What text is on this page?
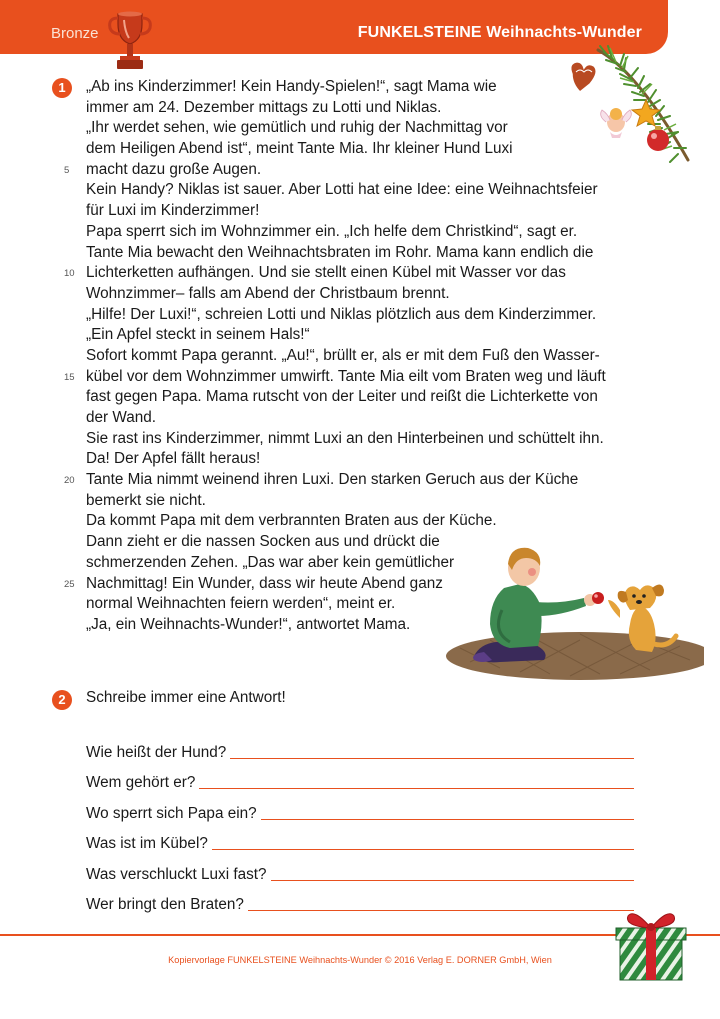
Bronze	FUNKELSTEINE Weihnachts-Wunder
1	„Ab ins Kinderzimmer! Kein Handy-Spielen!“, sagt Mama wie
immer am 24. Dezember mittags zu Lotti und Niklas.
„Ihr werdet sehen, wie gemütlich und ruhig der Nachmittag vor
dem Heiligen Abend ist“, meint Tante Mia. Ihr kleiner Hund Luxi
5 macht dazu große Augen.
Kein Handy? Niklas ist sauer. Aber Lotti hat eine Idee: eine Weihnachtsfeier
für Luxi im Kinderzimmer!
Papa sperrt sich im Wohnzimmer ein. „Ich helfe dem Christkind“, sagt er.
Tante Mia bewacht den Weihnachtsbraten im Rohr. Mama kann endlich die
10 Lichterketten aufhängen. Und sie stellt einen Kübel mit Wasser vor das
Wohnzimmer– falls am Abend der Christbaum brennt.
„Hilfe! Der Luxi!“, schreien Lotti und Niklas plötzlich aus dem Kinderzimmer.
„Ein Apfel steckt in seinem Hals!“
Sofort kommt Papa gerannt. „Au!“, brüllt er, als er mit dem Fuß den Wasser-
15 kübel vor dem Wohnzimmer umwirft. Tante Mia eilt vom Braten weg und läuft
fast gegen Papa. Mama rutscht von der Leiter und reißt die Lichterkette von
der Wand.
Sie rast ins Kinderzimmer, nimmt Luxi an den Hinterbeinen und schüttelt ihn.
Da! Der Apfel fällt heraus!
20 Tante Mia nimmt weinend ihren Luxi. Den starken Geruch aus der Küche
bemerkt sie nicht.
Da kommt Papa mit dem verbrannten Braten aus der Küche.
Dann zieht er die nassen Socken aus und drückt die
schmerzenden Zehen. „Das war aber kein gemütlicher
25 Nachmittag! Ein Wunder, dass wir heute Abend ganz
normal Weihnachten feiern werden“, meint er.
„Ja, ein Weihnachts-Wunder!“, antwortet Mama.
2	Schreibe immer eine Antwort!
Wie heißt der Hund?
Wem gehört er?
Wo sperrt sich Papa ein?
Was ist im Kübel?
Was verschluckt Luxi fast?
Wer bringt den Braten?
Kopiervorlage FUNKELSTEINE Weihnachts-Wunder © 2016 Verlag E. DORNER GmbH, Wien
